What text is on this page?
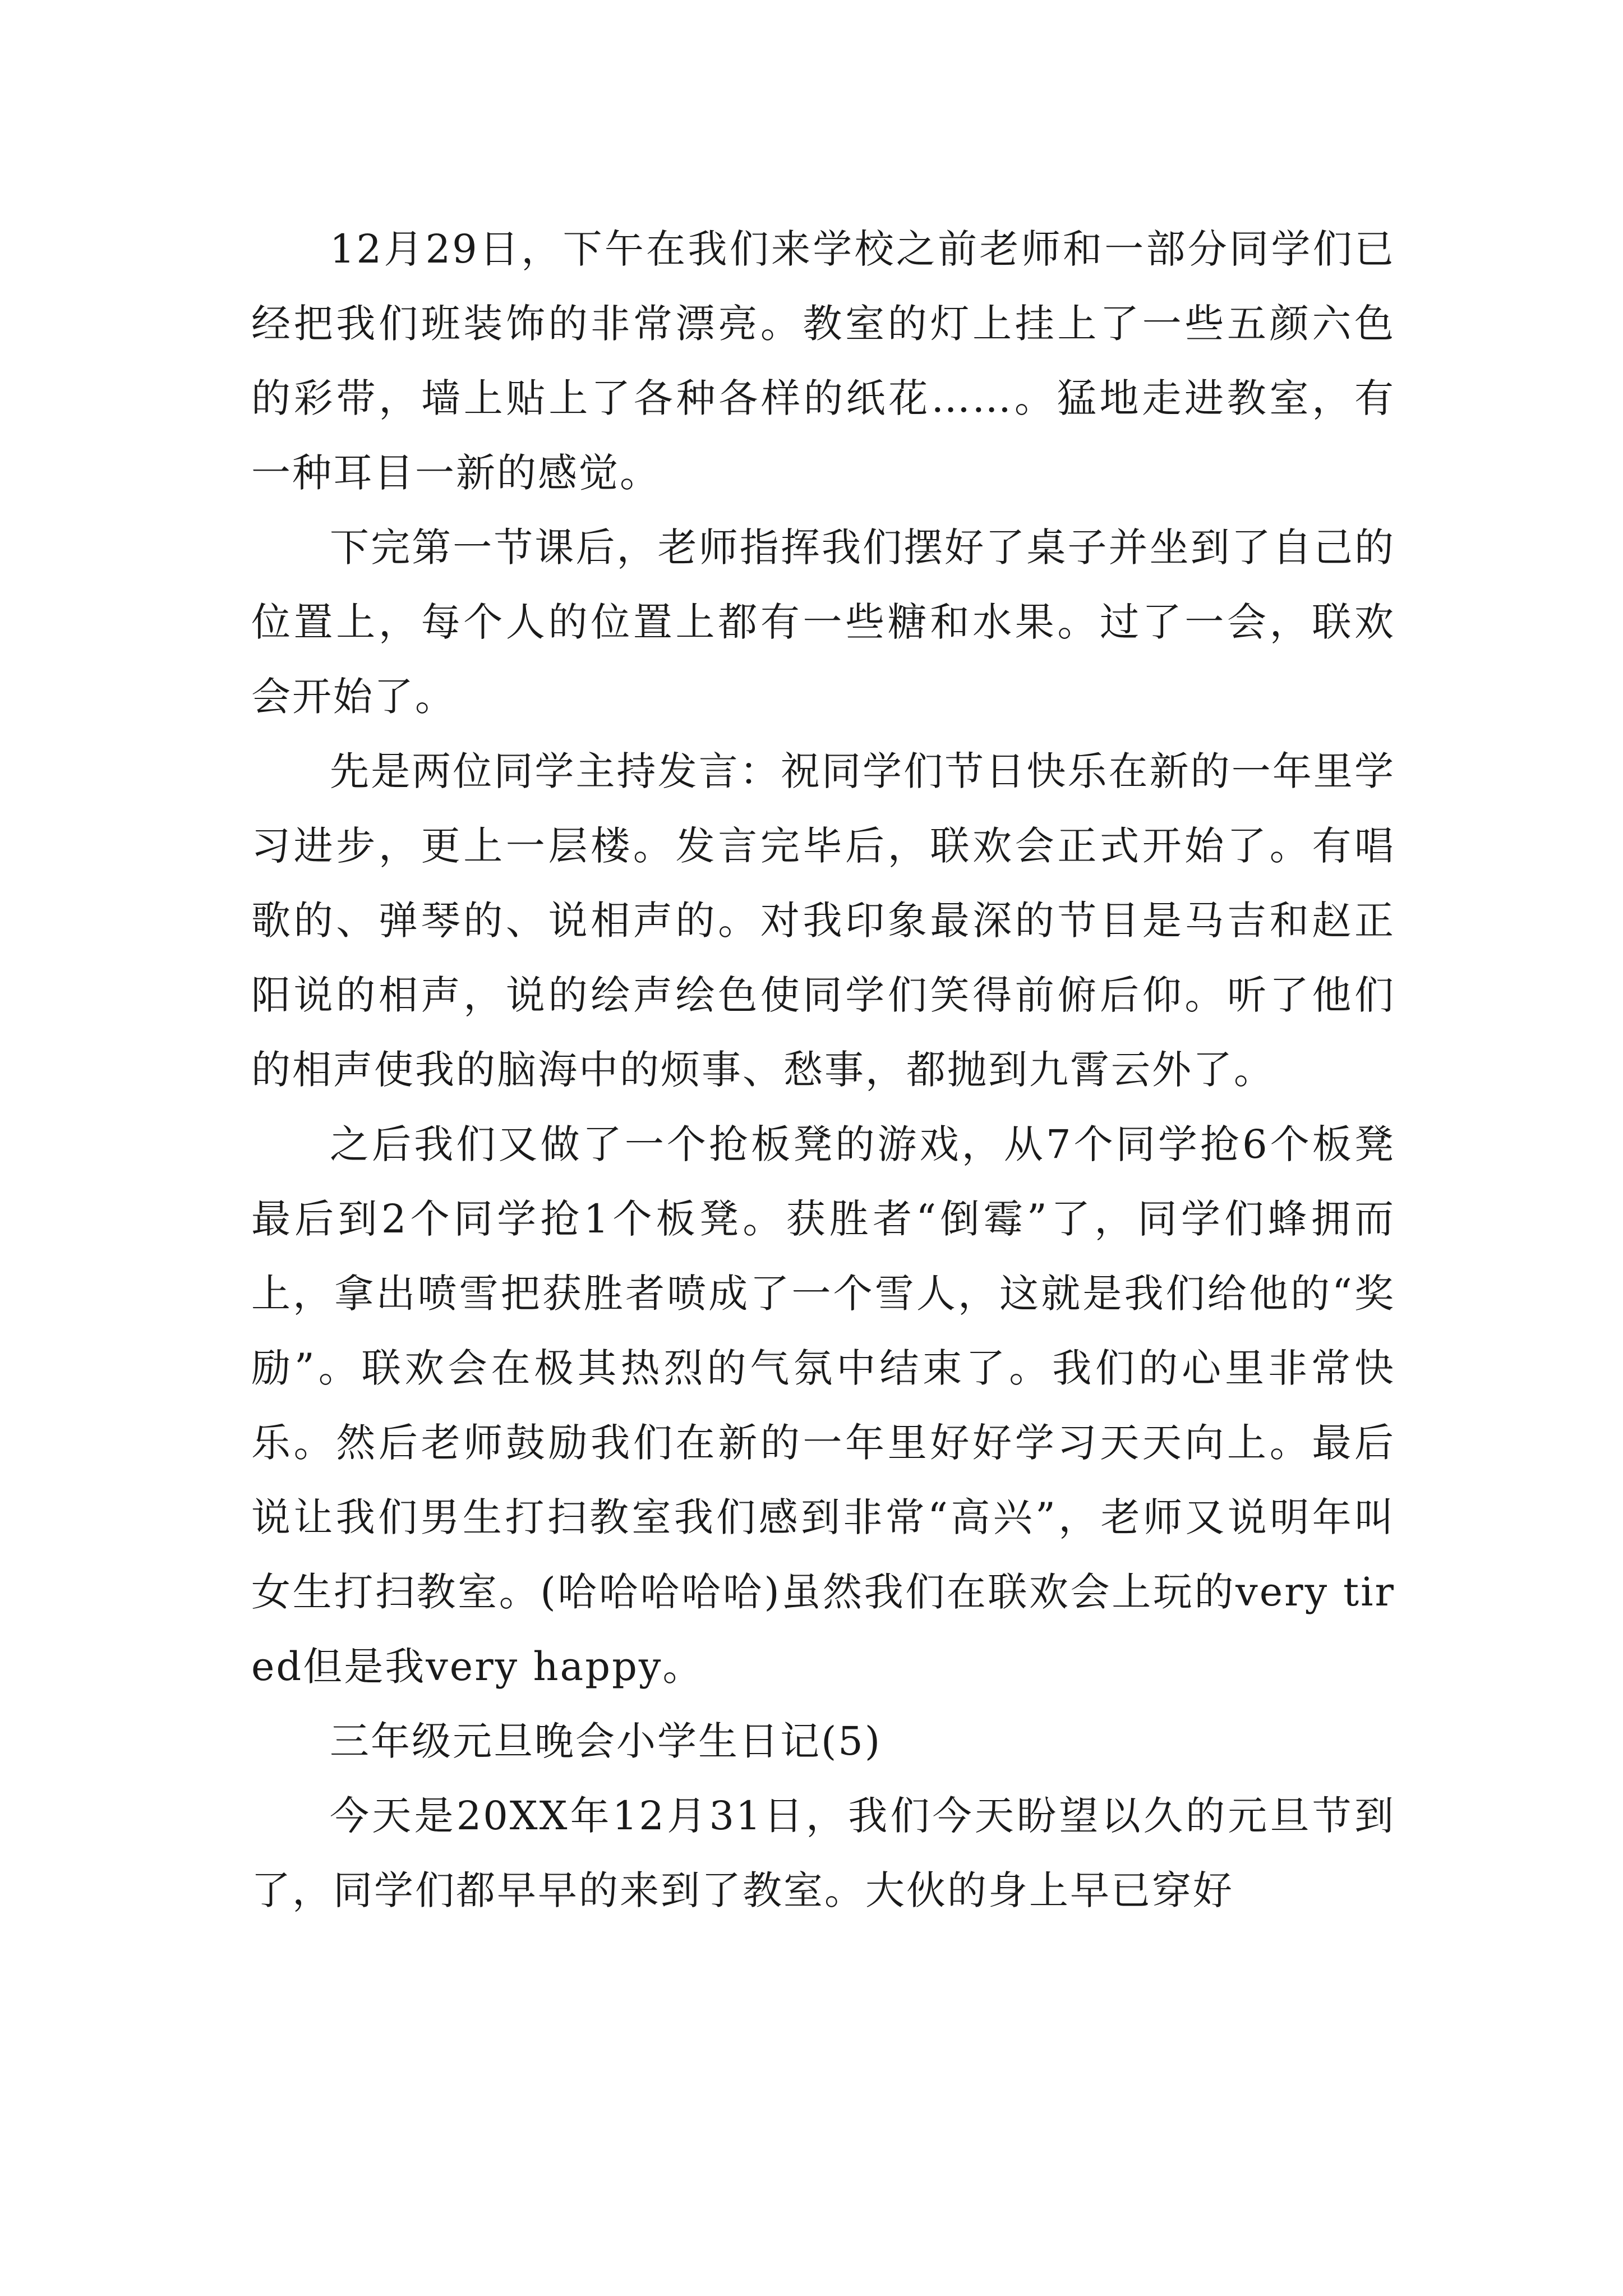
12月29日，下午在我们来学校之前老师和一部分同学们已经把我们班装饰的非常漂亮。教室的灯上挂上了一些五颜六色的彩带，墙上贴上了各种各样的纸花……。猛地走进教室，有一种耳目一新的感觉。

下完第一节课后，老师指挥我们摆好了桌子并坐到了自己的位置上，每个人的位置上都有一些糖和水果。过了一会，联欢会开始了。

先是两位同学主持发言：祝同学们节日快乐在新的一年里学习进步，更上一层楼。发言完毕后，联欢会正式开始了。有唱歌的、弹琴的、说相声的。对我印象最深的节目是马吉和赵正阳说的相声，说的绘声绘色使同学们笑得前俯后仰。听了他们的相声使我的脑海中的烦事、愁事，都抛到九霄云外了。

之后我们又做了一个抢板凳的游戏，从7个同学抢6个板凳最后到2个同学抢1个板凳。获胜者“倒霉”了，同学们蜂拥而上，拿出喷雪把获胜者喷成了一个雪人，这就是我们给他的“奖励”。联欢会在极其热烈的气氛中结束了。我们的心里非常快乐。然后老师鼓励我们在新的一年里好好学习天天向上。最后说让我们男生打扫教室我们感到非常“高兴”，老师又说明年叫女生打扫教室。(哈哈哈哈哈)虽然我们在联欢会上玩的very tired但是我very happy。

三年级元旦晚会小学生日记(5)

今天是20XX年12月31日，我们今天盼望以久的元旦节到了，同学们都早早的来到了教室。大伙的身上早已穿好
